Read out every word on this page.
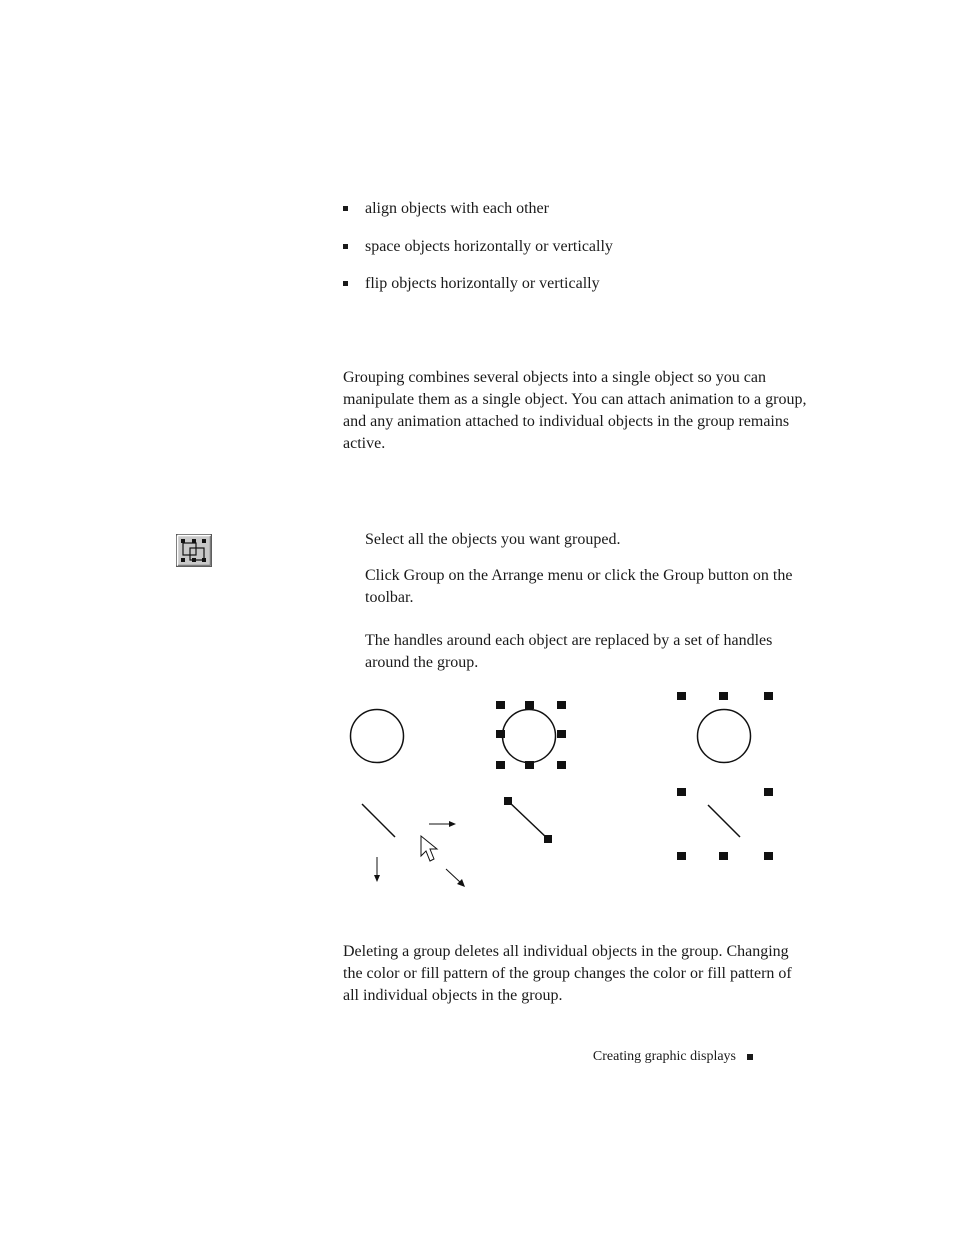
align objects with each other
space objects horizontally or vertically
flip objects horizontally or vertically

Grouping combines several objects into a single object so you can manipulate them as a single object. You can attach animation to a group, and any animation attached to individual objects in the group remains active.

Select all the objects you want grouped.

Click Group on the Arrange menu or click the Group button on the toolbar.

The handles around each object are replaced by a set of handles around the group.

Deleting a group deletes all individual objects in the group. Changing the color or fill pattern of the group changes the color or fill pattern of all individual objects in the group.

Creating graphic displays
